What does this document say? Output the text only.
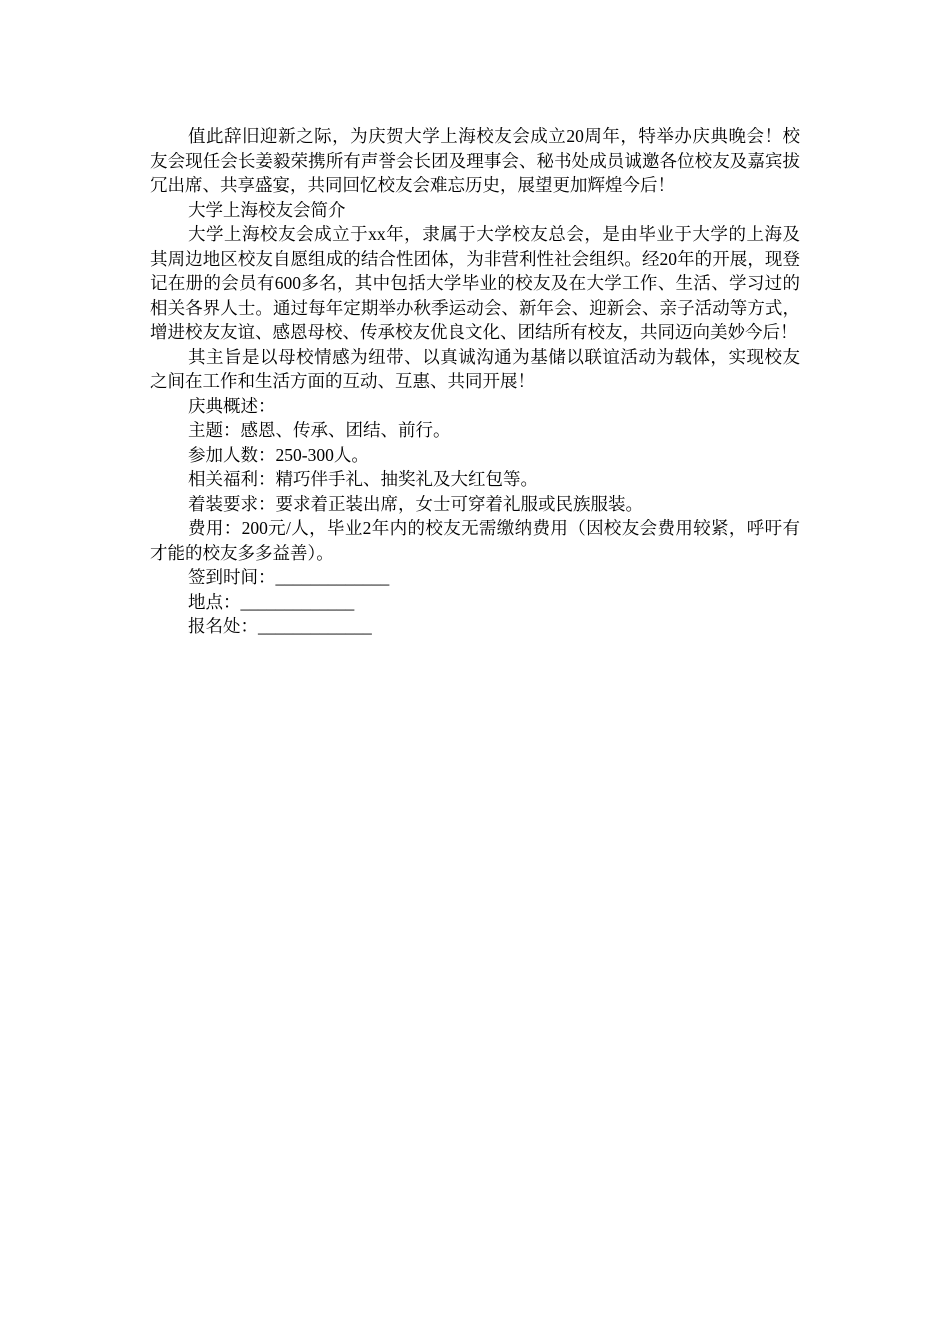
值此辞旧迎新之际，为庆贺大学上海校友会成立20周年，特举办庆典晚会！校友会现任会长姜毅荣携所有声誉会长团及理事会、秘书处成员诚邀各位校友及嘉宾拔冗出席、共享盛宴，共同回忆校友会难忘历史，展望更加辉煌今后！

大学上海校友会简介

大学上海校友会成立于xx年，隶属于大学校友总会，是由毕业于大学的上海及其周边地区校友自愿组成的结合性团体，为非营利性社会组织。经20年的开展，现登记在册的会员有600多名，其中包括大学毕业的校友及在大学工作、生活、学习过的相关各界人士。通过每年定期举办秋季运动会、新年会、迎新会、亲子活动等方式，增进校友友谊、感恩母校、传承校友优良文化、团结所有校友，共同迈向美妙今后！

其主旨是以母校情感为纽带、以真诚沟通为基储以联谊活动为载体，实现校友之间在工作和生活方面的互动、互惠、共同开展！

庆典概述：

主题：感恩、传承、团结、前行。

参加人数：250-300人。

相关福利：精巧伴手礼、抽奖礼及大红包等。

着装要求：要求着正装出席，女士可穿着礼服或民族服装。

费用：200元/人，毕业2年内的校友无需缴纳费用（因校友会费用较紧，呼吁有才能的校友多多益善）。

签到时间：_____________

地点：_____________

报名处：_____________
